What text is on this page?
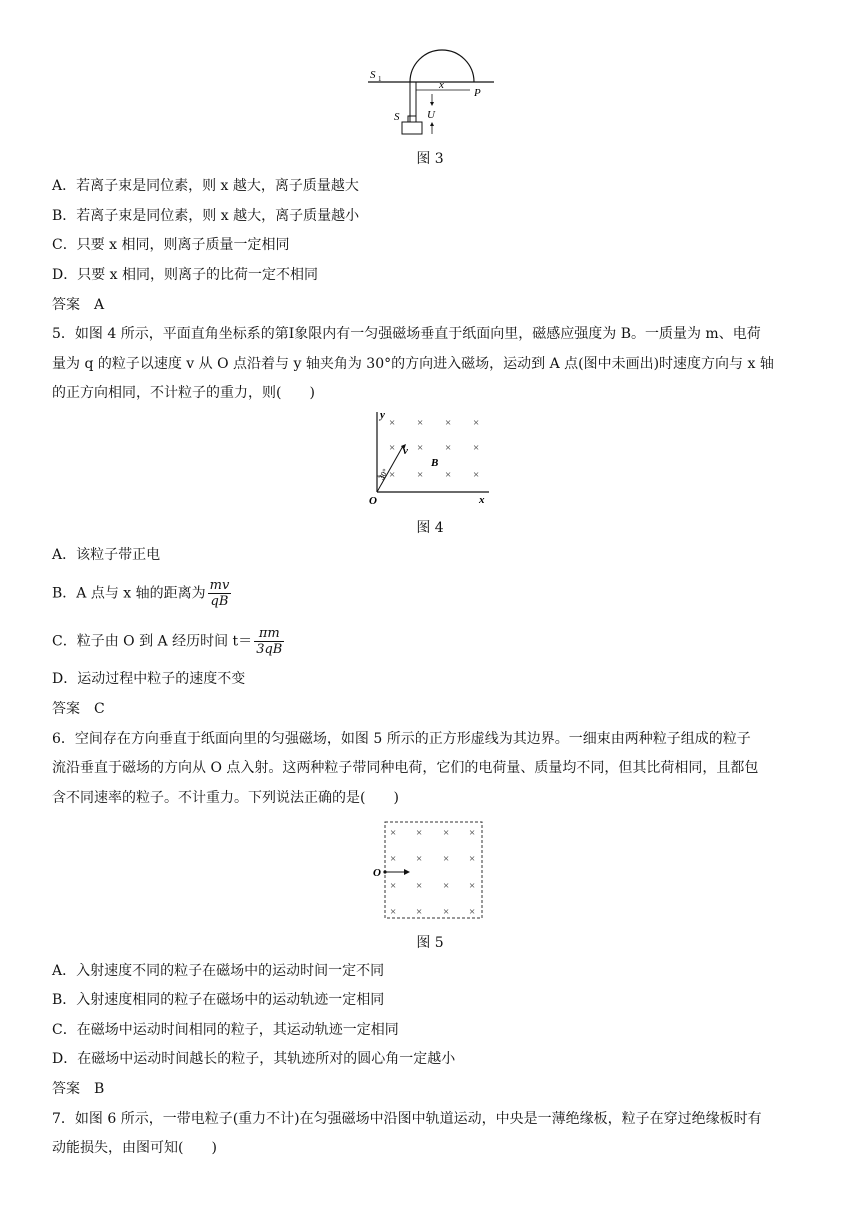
S 1	x
P
S	U
图 3
A．若离子束是同位素，则 x 越大，离子质量越大
B．若离子束是同位素，则 x 越大，离子质量越小
C．只要 x 相同，则离子质量一定相同
D．只要 x 相同，则离子的比荷一定不相同
答案　A
5．如图 4 所示，平面直角坐标系的第Ⅰ象限内有一匀强磁场垂直于纸面向里，磁感应强度为 B。一质量为 m、电荷
量为 q 的粒子以速度 v 从 O 点沿着与 y 轴夹角为 30°的方向进入磁场，运动到 A 点(图中未画出)时速度方向与 x 轴
的正方向相同，不计粒子的重力，则(　　)
y
x
O
v
B
30°
× × × ×
× × × ×
× × × ×
图 4
A．该粒子带正电
B．A 点与 x 轴的距离为 $\frac{mv}{qB}$
C．粒子由 O 到 A 经历时间 $t= \frac{\pi m}{3qB}$
D．运动过程中粒子的速度不变
答案　C
6．空间存在方向垂直于纸面向里的匀强磁场，如图 5 所示的正方形虚线为其边界。一细束由两种粒子组成的粒子
流沿垂直于磁场的方向从 O 点入射。这两种粒子带同种电荷，它们的电荷量、质量均不同，但其比荷相同，且都包
含不同速率的粒子。不计重力。下列说法正确的是(　　)
O
× × × ×
× × × ×
× × × ×
× × × ×
图 5
A．入射速度不同的粒子在磁场中的运动时间一定不同
B．入射速度相同的粒子在磁场中的运动轨迹一定相同
C．在磁场中运动时间相同的粒子，其运动轨迹一定相同
D．在磁场中运动时间越长的粒子，其轨迹所对的圆心角一定越小
答案　B
7．如图 6 所示，一带电粒子(重力不计)在匀强磁场中沿图中轨道运动，中央是一薄绝缘板，粒子在穿过绝缘板时有
动能损失，由图可知(　　)
